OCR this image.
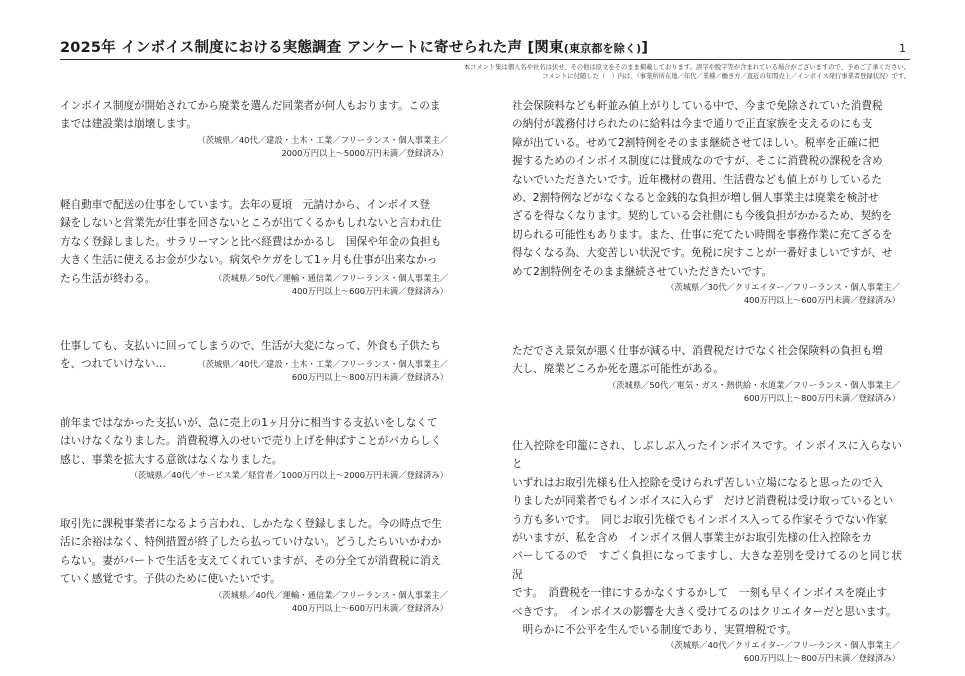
2025年 インボイス制度における実態調査 アンケートに寄せられた声 [関東(東京都を除く)]	1
本コメント集は個人名や社名は伏せ、その他は原文をそのまま掲載しております。誤字や脱字等が含まれている場合がございますので、予めご了承ください。
コメントに付随した（　）内は、（事業所所在地／年代／業種／働き方／直近の年間売上／インボイス発行事業者登録状況）です。

インボイス制度が開始されてから廃業を選んだ同業者が何人もおります。このま
までは建設業は崩壊します。

（茨城県／40代／建設・土木・工業／フリーランス・個人事業主／
2000万円以上〜5000万円未満／登録済み）

軽自動車で配送の仕事をしています。去年の夏頃　元請けから、インボイス登
録をしないと営業先が仕事を回さないところが出てくるかもしれないと言われ仕
方なく登録しました。サラリーマンと比べ経費はかかるし　国保や年金の負担も
大きく生活に使えるお金が少ない。病気やケガをして1ヶ月も仕事が出来なかっ
たら生活が終わる。	（茨城県／50代／運輸・通信業／フリーランス・個人事業主／
400万円以上〜600万円未満／登録済み）

仕事しても、支払いに回ってしまうので、生活が大変になって、外食も子供たち
を、つれていけない…	（茨城県／40代／建設・土木・工業／フリーランス・個人事業主／
600万円以上〜800万円未満／登録済み）

前年まではなかった支払いが、急に売上の1ヶ月分に相当する支払いをしなくて
はいけなくなりました。消費税導入のせいで売り上げを伸ばすことがバカらしく
感じ、事業を拡大する意欲はなくなりました。

（茨城県／40代／サービス業／経営者／1000万円以上〜2000万円未満／登録済み）

取引先に課税事業者になるよう言われ、しかたなく登録しました。今の時点で生
活に余裕はなく、特例措置が終了したら払っていけない。どうしたらいいかわか
らない。妻がパートで生活を支えてくれていますが、その分全てが消費税に消え
ていく感覚です。子供のために使いたいです。

（茨城県／40代／運輸・通信業／フリーランス・個人事業主／
400万円以上〜600万円未満／登録済み）

社会保険料なども軒並み値上がりしている中で、今まで免除されていた消費税
の納付が義務付けられたのに給料は今まで通りで正直家族を支えるのにも支
障が出ている。せめて2割特例をそのまま継続させてほしい。税率を正確に把
握するためのインボイス制度には賛成なのですが、そこに消費税の課税を含め
ないでいただきたいです。近年機材の費用、生活費なども値上がりしているた
め、2割特例などがなくなると金銭的な負担が増し個人事業主は廃業を検討せ
ざるを得なくなります。契約している会社側にも今後負担がかかるため、契約を
切られる可能性もあります。また、仕事に充てたい時間を事務作業に充てざるを
得なくなる為、大変苦しい状況です。免税に戻すことが一番好ましいですが、せ
めて2割特例をそのまま継続させていただきたいです。

（茨城県／30代／クリエイター／フリーランス・個人事業主／
400万円以上〜600万円未満／登録済み）

ただでさえ景気が悪く仕事が減る中、消費税だけでなく社会保険料の負担も増
大し、廃業どころか死を選ぶ可能性がある。

（茨城県／50代／電気・ガス・熱供給・水道業／フリーランス・個人事業主／
600万円以上〜800万円未満／登録済み）

仕入控除を印籠にされ、しぶしぶ入ったインボイスです。インボイスに入らないと
いずれはお取引先様も仕入控除を受けられず苦しい立場になると思ったので入
りましたが同業者でもインボイスに入らず　だけど消費税は受け取っているとい
う方も多いです。　同じお取引先様でもインボイス入ってる作家そうでない作家
がいますが、私を含め　インボイス個人事業主がお取引先様の仕入控除をカ
バーしてるので　すごく負担になってますし、大きな差別を受けてるのと同じ状況
です。　消費税を一律にするかなくするかして　一刻も早くインボイスを廃止す
べきです。　インボイスの影響を大きく受けてるのはクリエイターだと思います。
　明らかに不公平を生んでいる制度であり、実質増税です。

（茨城県／40代／クリエイター／フリーランス・個人事業主／
600万円以上〜800万円未満／登録済み）
